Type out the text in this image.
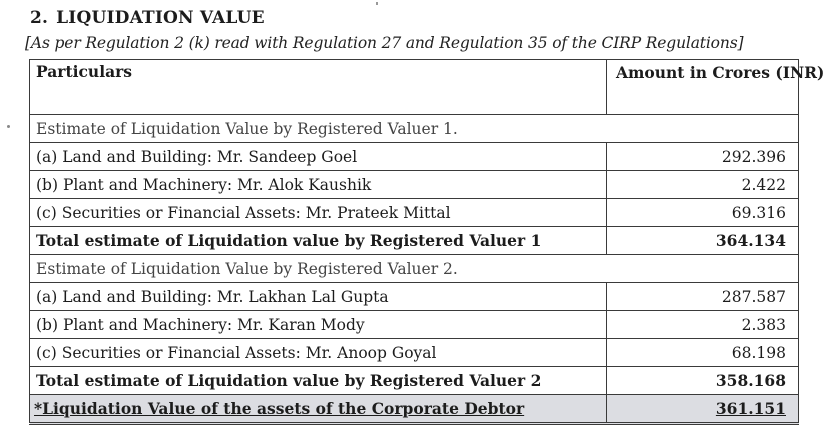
2. LIQUIDATION VALUE
[As per Regulation 2 (k) read with Regulation 27 and Regulation 35 of the CIRP Regulations]
Particulars	Amount in Crores (INR)
Estimate of Liquidation Value by Registered Valuer 1.	
(a) Land and Building: Mr. Sandeep Goel	292.396
(b) Plant and Machinery: Mr. Alok Kaushik	2.422
(c) Securities or Financial Assets: Mr. Prateek Mittal	69.316
Total estimate of Liquidation value by Registered Valuer 1	364.134
Estimate of Liquidation Value by Registered Valuer 2.	
(a) Land and Building: Mr. Lakhan Lal Gupta	287.587
(b) Plant and Machinery: Mr. Karan Mody	2.383
(c) Securities or Financial Assets: Mr. Anoop Goyal	68.198
Total estimate of Liquidation value by Registered Valuer 2	358.168
*Liquidation Value of the assets of the Corporate Debtor	361.151
